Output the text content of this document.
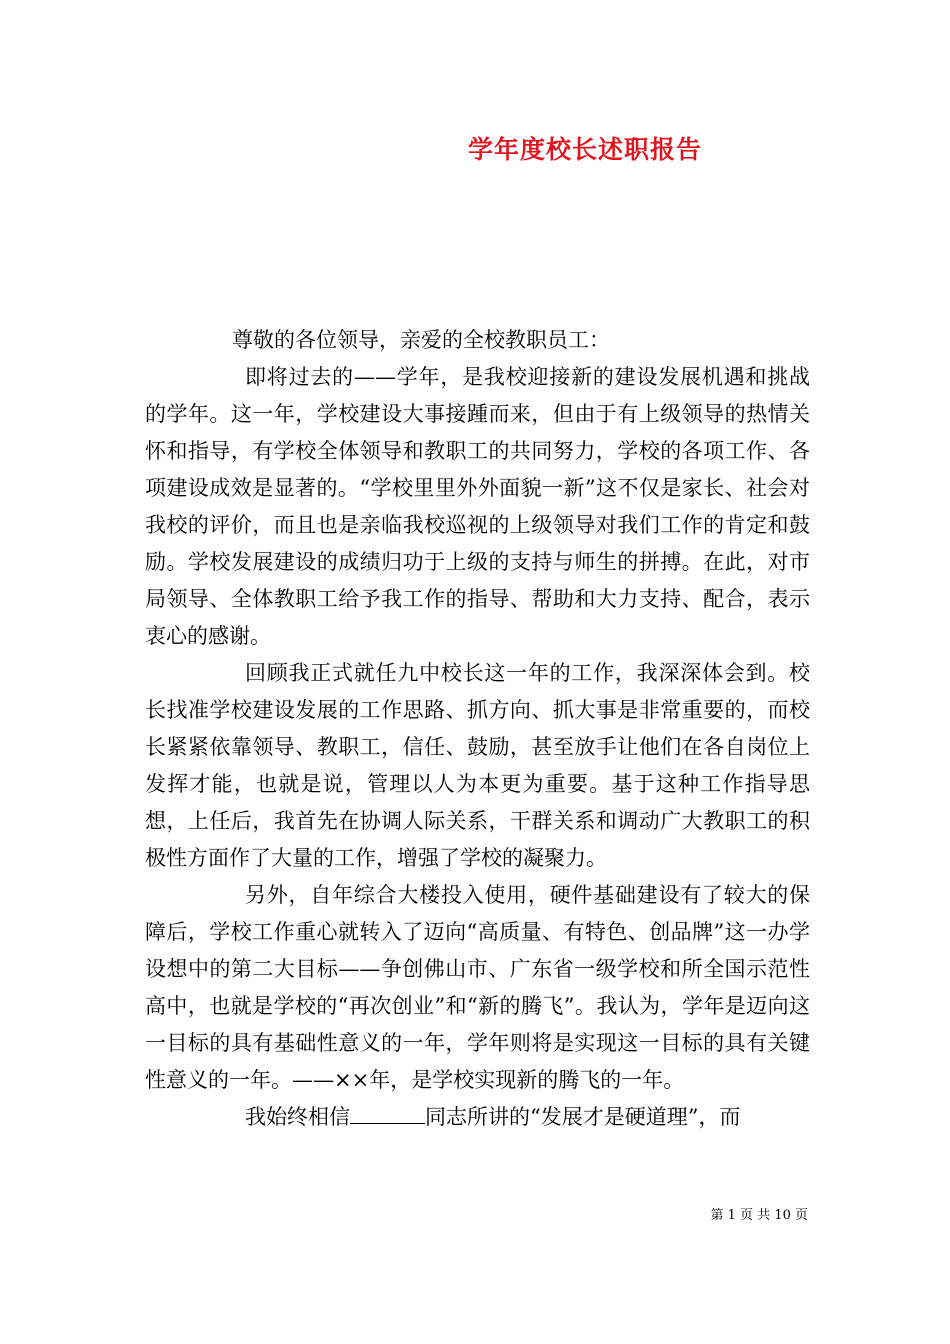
学年度校长述职报告

尊敬的各位领导，亲爱的全校教职员工：

即将过去的——学年，是我校迎接新的建设发展机遇和挑战的学年。这一年，学校建设大事接踵而来，但由于有上级领导的热情关怀和指导，有学校全体领导和教职工的共同努力，学校的各项工作、各项建设成效是显著的。“学校里里外外面貌一新”这不仅是家长、社会对我校的评价，而且也是亲临我校巡视的上级领导对我们工作的肯定和鼓励。学校发展建设的成绩归功于上级的支持与师生的拼搏。在此，对市局领导、全体教职工给予我工作的指导、帮助和大力支持、配合，表示衷心的感谢。

回顾我正式就任九中校长这一年的工作，我深深体会到。校长找准学校建设发展的工作思路、抓方向、抓大事是非常重要的，而校长紧紧依靠领导、教职工，信任、鼓励，甚至放手让他们在各自岗位上发挥才能，也就是说，管理以人为本更为重要。基于这种工作指导思想，上任后，我首先在协调人际关系，干群关系和调动广大教职工的积极性方面作了大量的工作，增强了学校的凝聚力。

另外，自年综合大楼投入使用，硬件基础建设有了较大的保障后，学校工作重心就转入了迈向“高质量、有特色、创品牌”这一办学设想中的第二大目标——争创佛山市、广东省一级学校和所全国示范性高中，也就是学校的“再次创业”和“新的腾飞”。我认为，学年是迈向这一目标的具有基础性意义的一年，学年则将是实现这一目标的具有关键性意义的一年。——××年，是学校实现新的腾飞的一年。

我始终相信	同志所讲的“发展才是硬道理”，而

第 1 页 共 10 页
